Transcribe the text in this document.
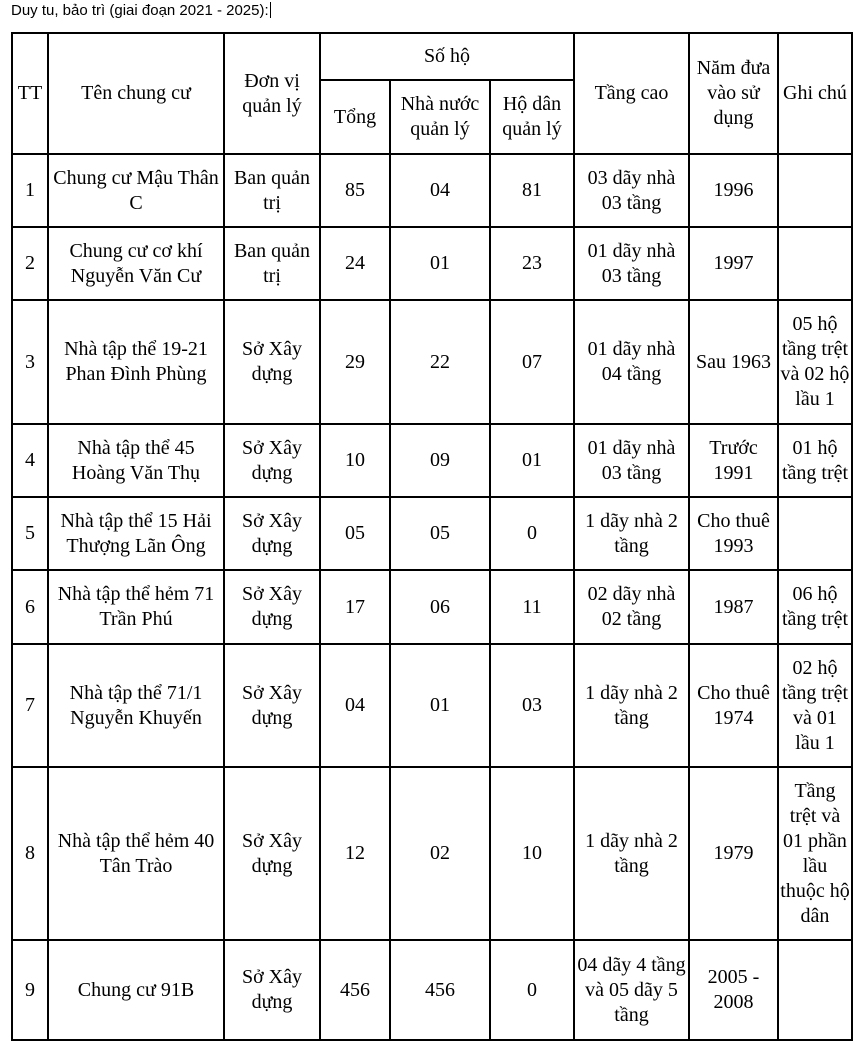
Duy tu, bảo trì (giai đoạn 2021 - 2025):
TT	Tên chung cư	Đơn vị quản lý	Số hộ			Tầng cao	Năm đưa vào sử dụng	Ghi chú
			Tổng	Nhà nước quản lý	Hộ dân quản lý			
1	Chung cư Mậu Thân C	Ban quản trị	85	04	81	03 dãy nhà 03 tầng	1996	
2	Chung cư cơ khí Nguyễn Văn Cư	Ban quản trị	24	01	23	01 dãy nhà 03 tầng	1997	
3	Nhà tập thể 19-21 Phan Đình Phùng	Sở Xây dựng	29	22	07	01 dãy nhà 04 tầng	Sau 1963	05 hộ tầng trệt và 02 hộ lầu 1
4	Nhà tập thể 45 Hoàng Văn Thụ	Sở Xây dựng	10	09	01	01 dãy nhà 03 tầng	Trước 1991	01 hộ tầng trệt
5	Nhà tập thể 15 Hải Thượng Lãn Ông	Sở Xây dựng	05	05	0	1 dãy nhà 2 tầng	Cho thuê 1993	
6	Nhà tập thể hẻm 71 Trần Phú	Sở Xây dựng	17	06	11	02 dãy nhà 02 tầng	1987	06 hộ tầng trệt
7	Nhà tập thể 71/1 Nguyễn Khuyến	Sở Xây dựng	04	01	03	1 dãy nhà 2 tầng	Cho thuê 1974	02 hộ tầng trệt và 01 lầu 1
8	Nhà tập thể hẻm 40 Tân Trào	Sở Xây dựng	12	02	10	1 dãy nhà 2 tầng	1979	Tầng trệt và 01 phần lầu thuộc hộ dân
9	Chung cư 91B	Sở Xây dựng	456	456	0	04 dãy 4 tầng và 05 dãy 5 tầng	2005 - 2008	
